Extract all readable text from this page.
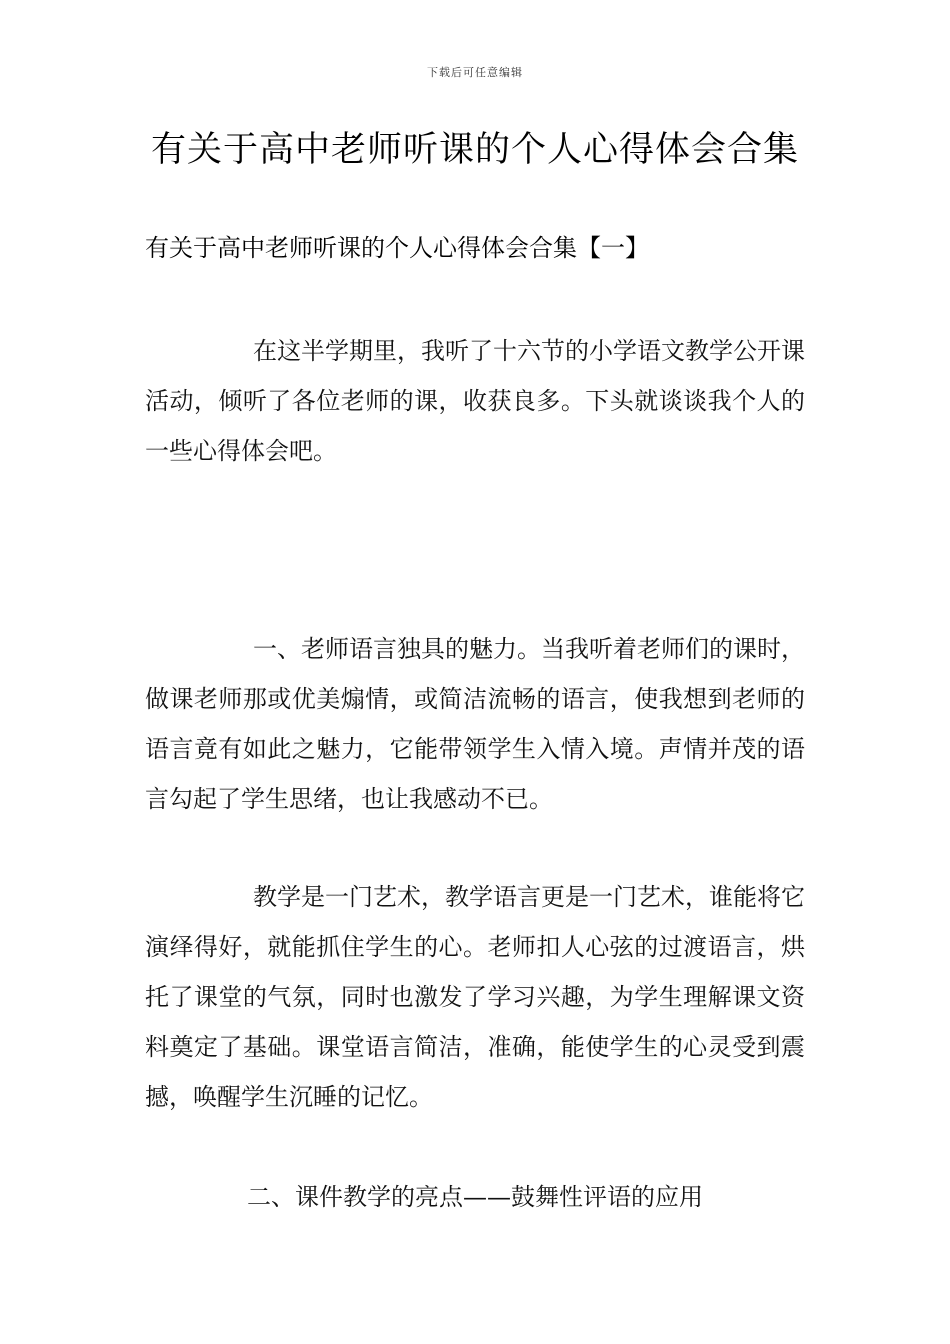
下载后可任意编辑
有关于高中老师听课的个人心得体会合集
有关于高中老师听课的个人心得体会合集【一】

在这半学期里，我听了十六节的小学语文教学公开课活动，倾听了各位老师的课，收获良多。下头就谈谈我个人的一些心得体会吧。

一、老师语言独具的魅力。当我听着老师们的课时，做课老师那或优美煽情，或简洁流畅的语言，使我想到老师的语言竟有如此之魅力，它能带领学生入情入境。声情并茂的语言勾起了学生思绪，也让我感动不已。

教学是一门艺术，教学语言更是一门艺术，谁能将它演绎得好，就能抓住学生的心。老师扣人心弦的过渡语言，烘托了课堂的气氛，同时也激发了学习兴趣，为学生理解课文资料奠定了基础。课堂语言简洁，准确，能使学生的心灵受到震撼，唤醒学生沉睡的记忆。

二、课件教学的亮点——鼓舞性评语的应用
